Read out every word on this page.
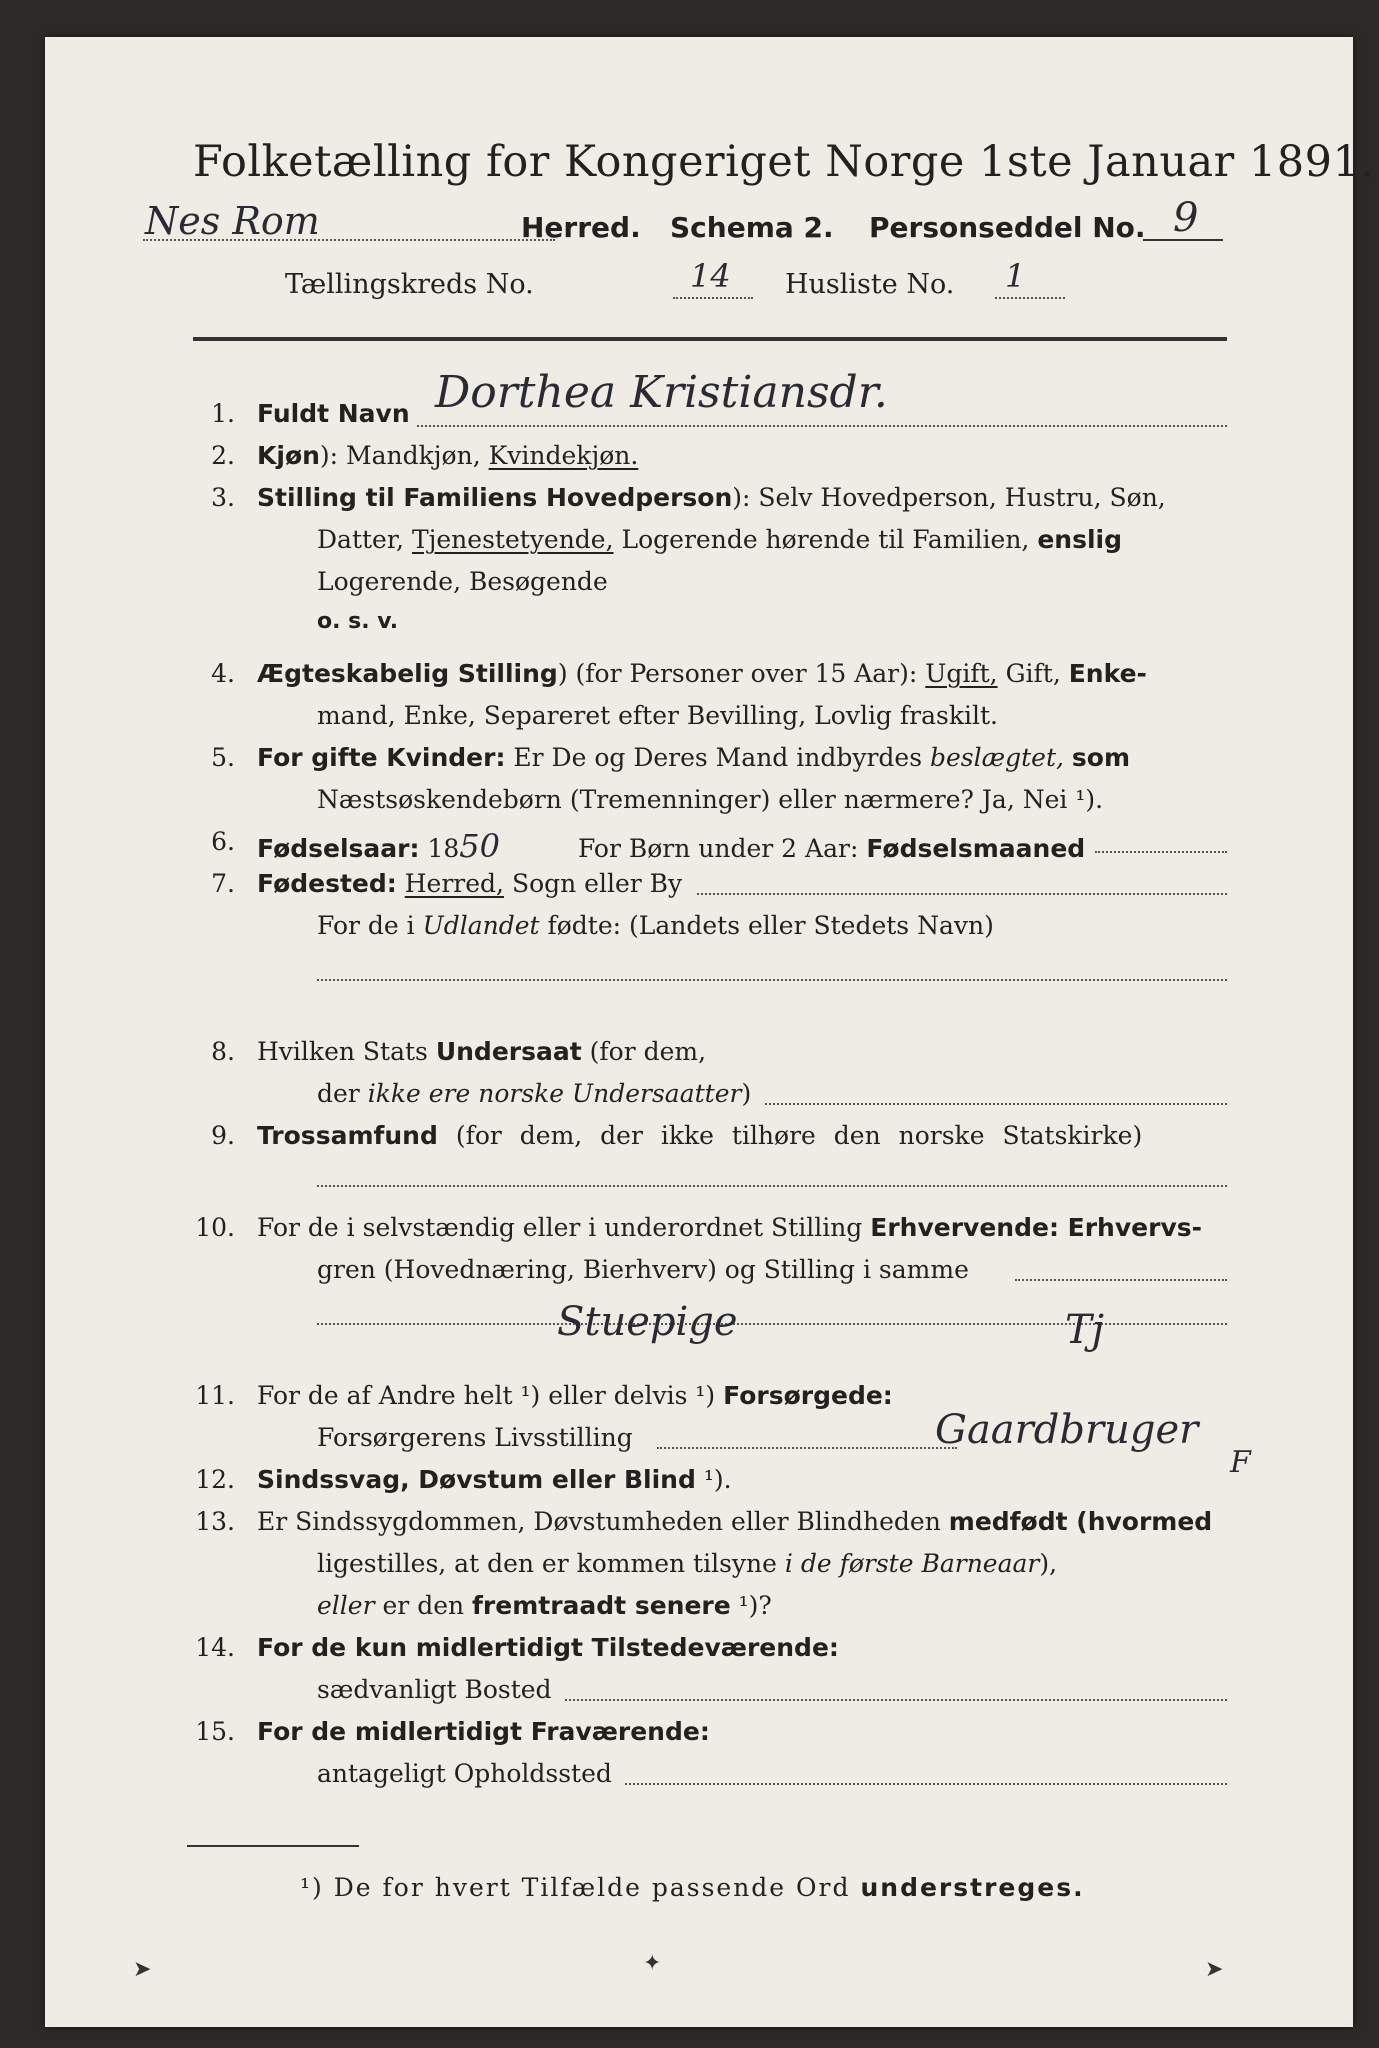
Folketælling for Kongeriget Norge 1ste Januar 1891.
Nes Rom	Herred. Schema 2. Personseddel No. 9
Tællingskreds No.	14 Husliste No. 1
1. Fuldt Navn Dorthea Kristiansdr.
2. Kjøn): Mandkjøn, Kvindekjøn.
3. Stilling til Familiens Hovedperson): Selv Hovedperson, Hustru, Søn,
Datter, Tjenestetyende, Logerende hørende til Familien, enslig
Logerende, Besøgende
o. s. v.
4. Ægteskabelig Stilling) (for Personer over 15 Aar): Ugift, Gift, Enke-
mand, Enke, Separeret efter Bevilling, Lovlig fraskilt.
5. For gifte Kvinder: Er De og Deres Mand indbyrdes beslægtet, som
Næstsøskendebørn (Tremenninger) eller nærmere? Ja, Nei ¹).
6. Fødselsaar: 1850	For Børn under 2 Aar: Fødselsmaaned
7. Fødested: Herred, Sogn eller By
For de i Udlandet fødte: (Landets eller Stedets Navn)
8. Hvilken Stats Undersaat (for dem,
der ikke ere norske Undersaatter)
9. Trossamfund (for dem, der ikke tilhøre den norske Statskirke)
10. For de i selvstændig eller i underordnet Stilling Erhvervende: Erhvervs-
gren (Hovednæring, Bierhverv) og Stilling i samme
Stuepige	Tj
11. For de af Andre helt ¹) eller delvis ¹) Forsørgede:
Forsørgerens Livsstilling	Gaardbruger
F
12. Sindssvag, Døvstum eller Blind ¹).
13. Er Sindssygdommen, Døvstumheden eller Blindheden medfødt (hvormed
ligestilles, at den er kommen tilsyne i de første Barneaar),
eller er den fremtraadt senere ¹)?
14. For de kun midlertidigt Tilstedeværende:
sædvanligt Bosted
15. For de midlertidigt Fraværende:
antageligt Opholdssted
¹) De for hvert Tilfælde passende Ord understreges.
➤	✦	➤
